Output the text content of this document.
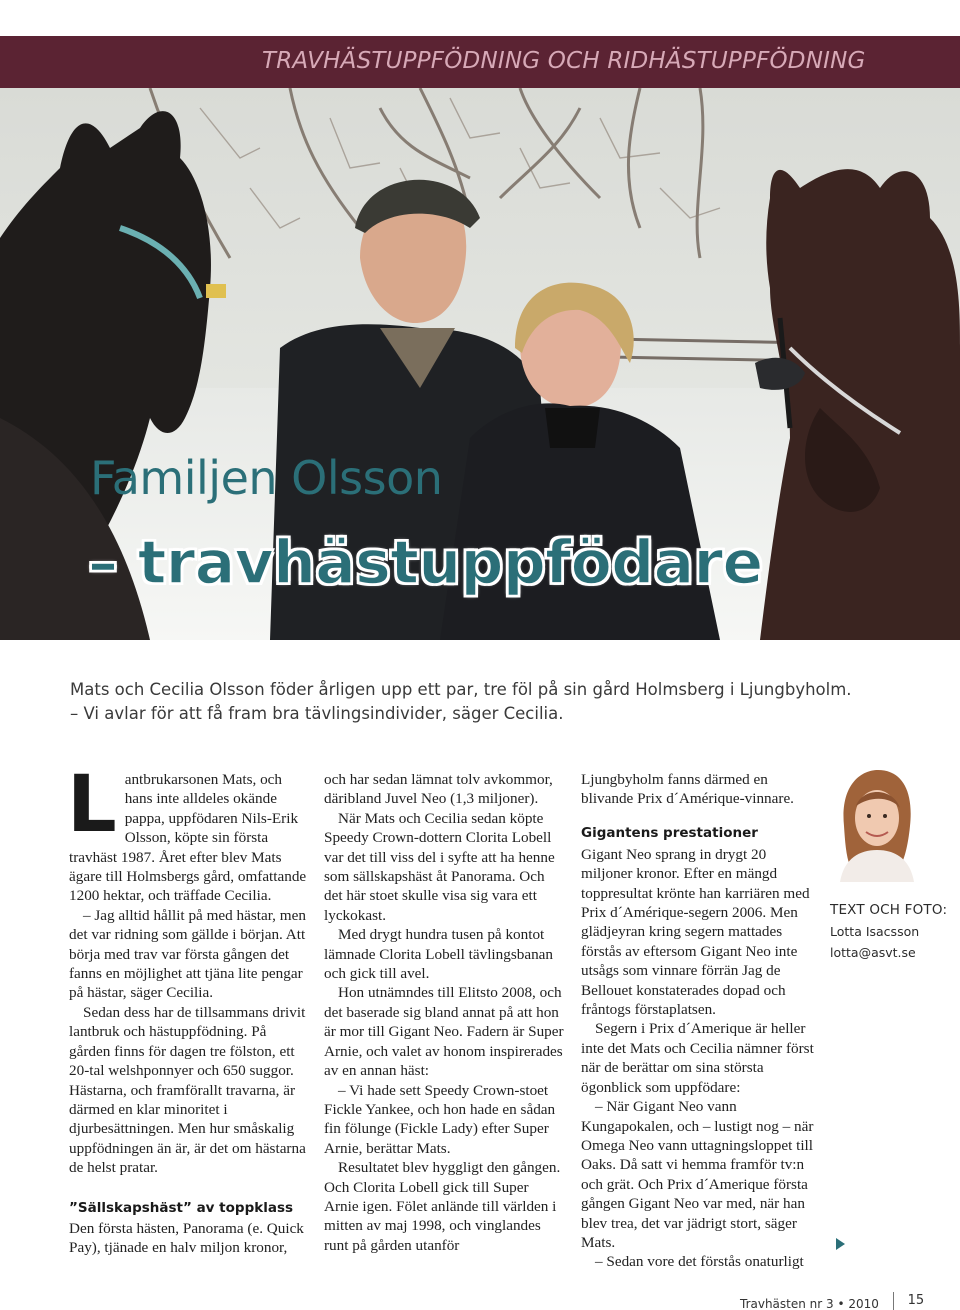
TRAVHÄSTUPPFÖDNING OCH RIDHÄSTUPPFÖDNING
Familjen Olsson
– travhästuppfödare

Mats och Cecilia Olsson föder årligen upp ett par, tre föl på sin gård Holmsberg i Ljungbyholm.

– Vi avlar för att få fram bra tävlingsindivider, säger Cecilia.

L antbrukarsonen Mats, och hans inte alldeles okände pappa, uppfödaren Nils-Erik Olsson, köpte sin första travhäst 1987. Året efter blev Mats ägare till Holmsbergs gård, omfattande 1200 hektar, och träffade Cecilia.

– Jag alltid hållit på med hästar, men det var ridning som gällde i början. Att börja med trav var första gången det fanns en möjlighet att tjäna lite pengar på hästar, säger Cecilia.

Sedan dess har de tillsammans drivit lantbruk och hästuppfödning. På gården finns för dagen tre fölston, ett 20-tal welshponnyer och 650 suggor. Hästarna, och framförallt travarna, är därmed en klar minoritet i djurbesättningen. Men hur småskalig uppfödningen än är, är det om hästarna de helst pratar.

”Sällskapshäst” av toppklass

Den första hästen, Panorama (e. Quick Pay), tjänade en halv miljon kronor,

och har sedan lämnat tolv avkommor, däribland Juvel Neo (1,3 miljoner).

När Mats och Cecilia sedan köpte Speedy Crown-dottern Clorita Lobell var det till viss del i syfte att ha henne som sällskapshäst åt Panorama. Och det här stoet skulle visa sig vara ett lyckokast.

Med drygt hundra tusen på kontot lämnade Clorita Lobell tävlingsbanan och gick till avel.

Hon utnämndes till Elitsto 2008, och det baserade sig bland annat på att hon är mor till Gigant Neo. Fadern är Super Arnie, och valet av honom inspirerades av en annan häst:

– Vi hade sett Speedy Crown-stoet Fickle Yankee, och hon hade en sådan fin fölunge (Fickle Lady) efter Super Arnie, berättar Mats.

Resultatet blev hyggligt den gången. Och Clorita Lobell gick till Super Arnie igen. Fölet anlände till världen i mitten av maj 1998, och vinglandes runt på gården utanför

Ljungbyholm fanns därmed en blivande Prix d´Amérique-vinnare.

Gigantens prestationer

Gigant Neo sprang in drygt 20 miljoner kronor. Efter en mängd toppresultat krönte han karriären med Prix d´Amérique-segern 2006. Men glädjeyran kring segern mattades förstås av eftersom Gigant Neo inte utsågs som vinnare förrän Jag de Bellouet konstaterades dopad och fråntogs förstaplatsen.

Segern i Prix d´Amerique är heller inte det Mats och Cecilia nämner först när de berättar om sina största ögonblick som uppfödare:

– När Gigant Neo vann Kungapokalen, och – lustigt nog – när Omega Neo vann uttagningsloppet till Oaks. Då satt vi hemma framför tv:n och grät. Och Prix d´Amerique första gången Gigant Neo var med, när han blev trea, det var jädrigt stort, säger Mats.

– Sedan vore det förstås onaturligt

TEXT OCH FOTO:
Lotta Isacsson
lotta@asvt.se
Travhästen nr 3 • 2010 15
